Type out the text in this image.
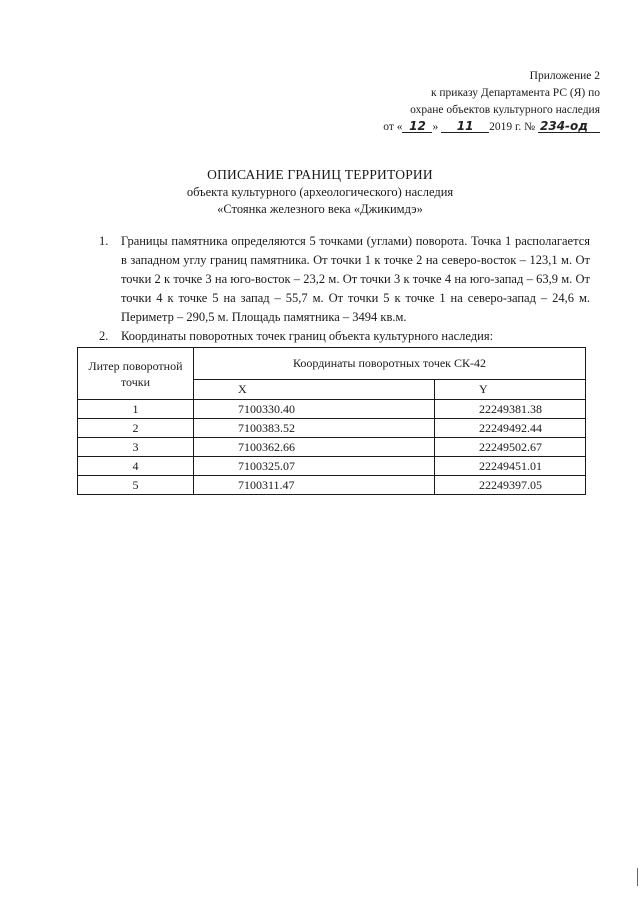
Приложение 2
к приказу Департамента РС (Я) по
охране объектов культурного наследия
от « 12 » 11 2019 г. № 234-од
ОПИСАНИЕ ГРАНИЦ ТЕРРИТОРИИ
объекта культурного (археологического) наследия
«Стоянка железного века «Джикимдэ»
1. Границы памятника определяются 5 точками (углами) поворота. Точка 1 располагается в западном углу границ памятника. От точки 1 к точке 2 на северо-восток – 123,1 м. От точки 2 к точке 3 на юго-восток – 23,2 м. От точки 3 к точке 4 на юго-запад – 63,9 м. От точки 4 к точке 5 на запад – 55,7 м. От точки 5 к точке 1 на северо-запад – 24,6 м. Периметр – 290,5 м. Площадь памятника – 3494 кв.м.
2. Координаты поворотных точек границ объекта культурного наследия:
Литер поворотной точки	Координаты поворотных точек СК-42	
	X	Y
1	7100330.40	22249381.38
2	7100383.52	22249492.44
3	7100362.66	22249502.67
4	7100325.07	22249451.01
5	7100311.47	22249397.05
